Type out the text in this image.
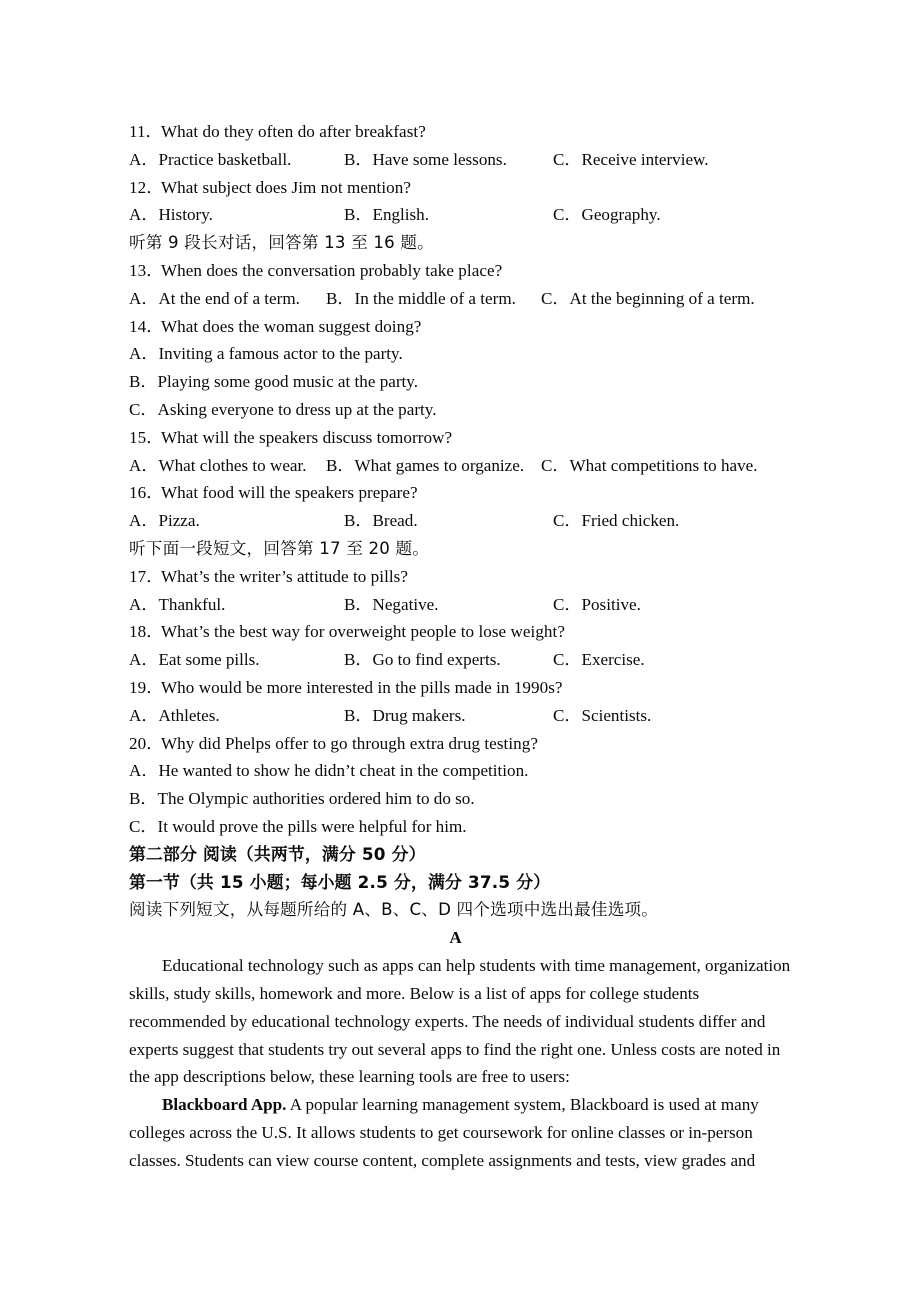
11．What do they often do after breakfast?
A．Practice basketball.	B．Have some lessons.	C．Receive interview.
12．What subject does Jim not mention?
A．History.	B．English.	C．Geography.
听第 9 段长对话，回答第 13 至 16 题。
13．When does the conversation probably take place?
A．At the end of a term. B．In the middle of a term. C．At the beginning of a term.
14．What does the woman suggest doing?
A．Inviting a famous actor to the party.
B．Playing some good music at the party.
C．Asking everyone to dress up at the party.
15．What will the speakers discuss tomorrow?
A．What clothes to wear. B．What games to organize. C．What competitions to have.
16．What food will the speakers prepare?
A．Pizza.	B．Bread.	C．Fried chicken.
听下面一段短文，回答第 17 至 20 题。
17．What’s the writer’s attitude to pills?
A．Thankful.	B．Negative.	C．Positive.
18．What’s the best way for overweight people to lose weight?
A．Eat some pills.	B．Go to find experts.	C．Exercise.
19．Who would be more interested in the pills made in 1990s?
A．Athletes.	B．Drug makers.	C．Scientists.
20．Why did Phelps offer to go through extra drug testing?
A．He wanted to show he didn’t cheat in the competition.
B．The Olympic authorities ordered him to do so.
C．It would prove the pills were helpful for him.
第二部分 阅读（共两节，满分 50 分）
第一节（共 15 小题；每小题 2.5 分，满分 37.5 分）
阅读下列短文，从每题所给的 A、B、C、D 四个选项中选出最佳选项。
A
Educational technology such as apps can help students with time management, organization skills, study skills, homework and more. Below is a list of apps for college students recommended by educational technology experts. The needs of individual students differ and experts suggest that students try out several apps to find the right one. Unless costs are noted in the app descriptions below, these learning tools are free to users:
Blackboard App. A popular learning management system, Blackboard is used at many colleges across the U.S. It allows students to get coursework for online classes or in-person classes. Students can view course content, complete assignments and tests, view grades and
